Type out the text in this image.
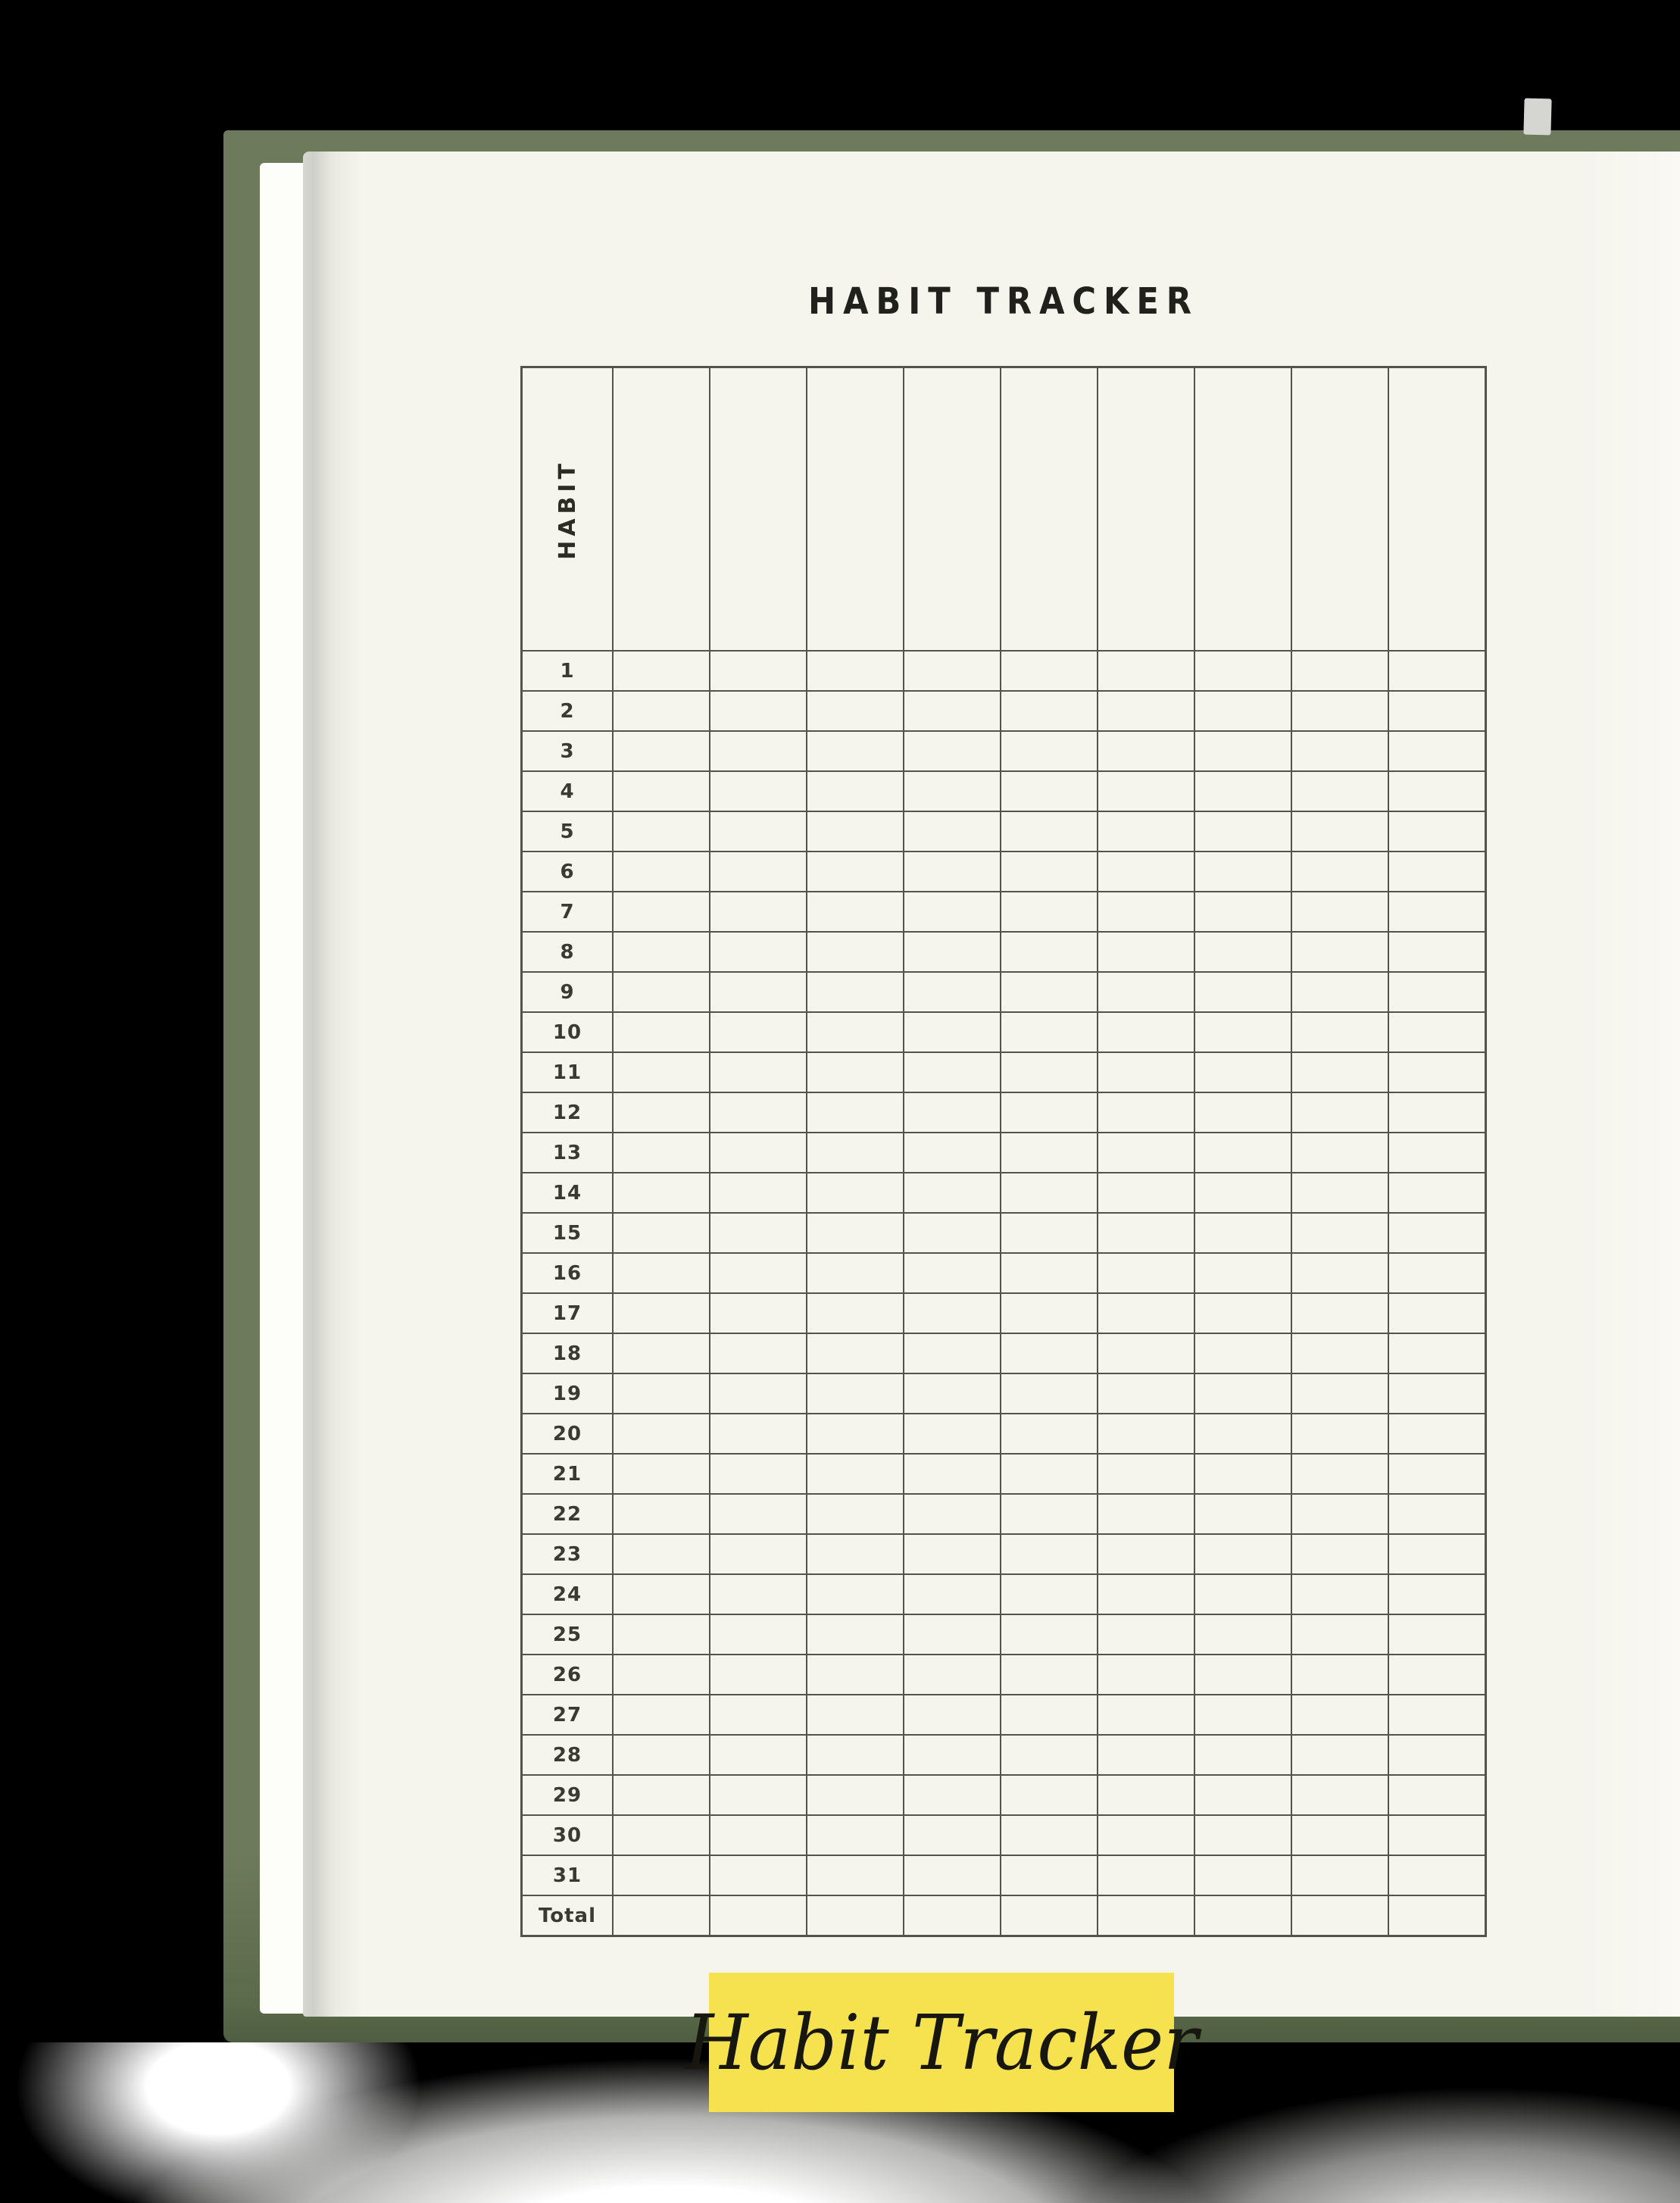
HABIT TRACKER
HABIT
1
2
3
4
5
6
7
8
9
10
11
12
13
14
15
16
17
18
19
20
21
22
23
24
25
26
27
28
29
30
31
Total
Habit Tracker
